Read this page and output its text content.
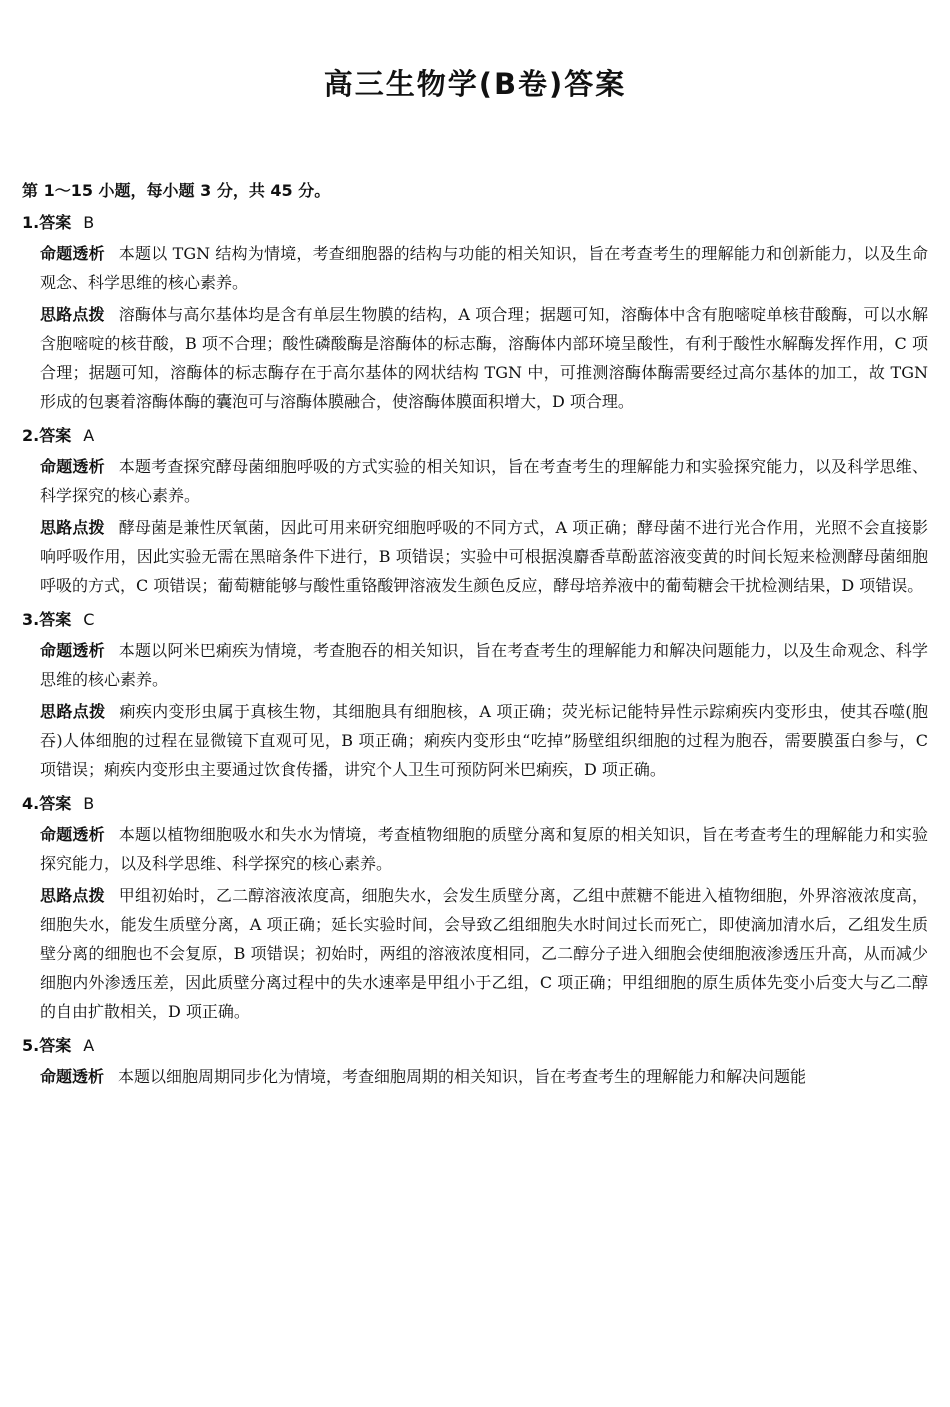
高三生物学(B卷)答案
第 1～15 小题，每小题 3 分，共 45 分。
1.答案 B
命题透析 本题以 TGN 结构为情境，考查细胞器的结构与功能的相关知识，旨在考查考生的理解能力和创新能力，以及生命观念、科学思维的核心素养。
思路点拨 溶酶体与高尔基体均是含有单层生物膜的结构，A 项合理；据题可知，溶酶体中含有胞嘧啶单核苷酸酶，可以水解含胞嘧啶的核苷酸，B 项不合理；酸性磷酸酶是溶酶体的标志酶，溶酶体内部环境呈酸性，有利于酸性水解酶发挥作用，C 项合理；据题可知，溶酶体的标志酶存在于高尔基体的网状结构 TGN 中，可推测溶酶体酶需要经过高尔基体的加工，故 TGN 形成的包裹着溶酶体酶的囊泡可与溶酶体膜融合，使溶酶体膜面积增大，D 项合理。
2.答案 A
命题透析 本题考查探究酵母菌细胞呼吸的方式实验的相关知识，旨在考查考生的理解能力和实验探究能力，以及科学思维、科学探究的核心素养。
思路点拨 酵母菌是兼性厌氧菌，因此可用来研究细胞呼吸的不同方式，A 项正确；酵母菌不进行光合作用，光照不会直接影响呼吸作用，因此实验无需在黑暗条件下进行，B 项错误；实验中可根据溴麝香草酚蓝溶液变黄的时间长短来检测酵母菌细胞呼吸的方式，C 项错误；葡萄糖能够与酸性重铬酸钾溶液发生颜色反应，酵母培养液中的葡萄糖会干扰检测结果，D 项错误。
3.答案 C
命题透析 本题以阿米巴痢疾为情境，考查胞吞的相关知识，旨在考查考生的理解能力和解决问题能力，以及生命观念、科学思维的核心素养。
思路点拨 痢疾内变形虫属于真核生物，其细胞具有细胞核，A 项正确；荧光标记能特异性示踪痢疾内变形虫，使其吞噬(胞吞)人体细胞的过程在显微镜下直观可见，B 项正确；痢疾内变形虫“吃掉”肠壁组织细胞的过程为胞吞，需要膜蛋白参与，C 项错误；痢疾内变形虫主要通过饮食传播，讲究个人卫生可预防阿米巴痢疾，D 项正确。
4.答案 B
命题透析 本题以植物细胞吸水和失水为情境，考查植物细胞的质壁分离和复原的相关知识，旨在考查考生的理解能力和实验探究能力，以及科学思维、科学探究的核心素养。
思路点拨 甲组初始时，乙二醇溶液浓度高，细胞失水，会发生质壁分离，乙组中蔗糖不能进入植物细胞，外界溶液浓度高，细胞失水，能发生质壁分离，A 项正确；延长实验时间，会导致乙组细胞失水时间过长而死亡，即使滴加清水后，乙组发生质壁分离的细胞也不会复原，B 项错误；初始时，两组的溶液浓度相同，乙二醇分子进入细胞会使细胞液渗透压升高，从而减少细胞内外渗透压差，因此质壁分离过程中的失水速率是甲组小于乙组，C 项正确；甲组细胞的原生质体先变小后变大与乙二醇的自由扩散相关，D 项正确。
5.答案 A
命题透析 本题以细胞周期同步化为情境，考查细胞周期的相关知识，旨在考查考生的理解能力和解决问题能
